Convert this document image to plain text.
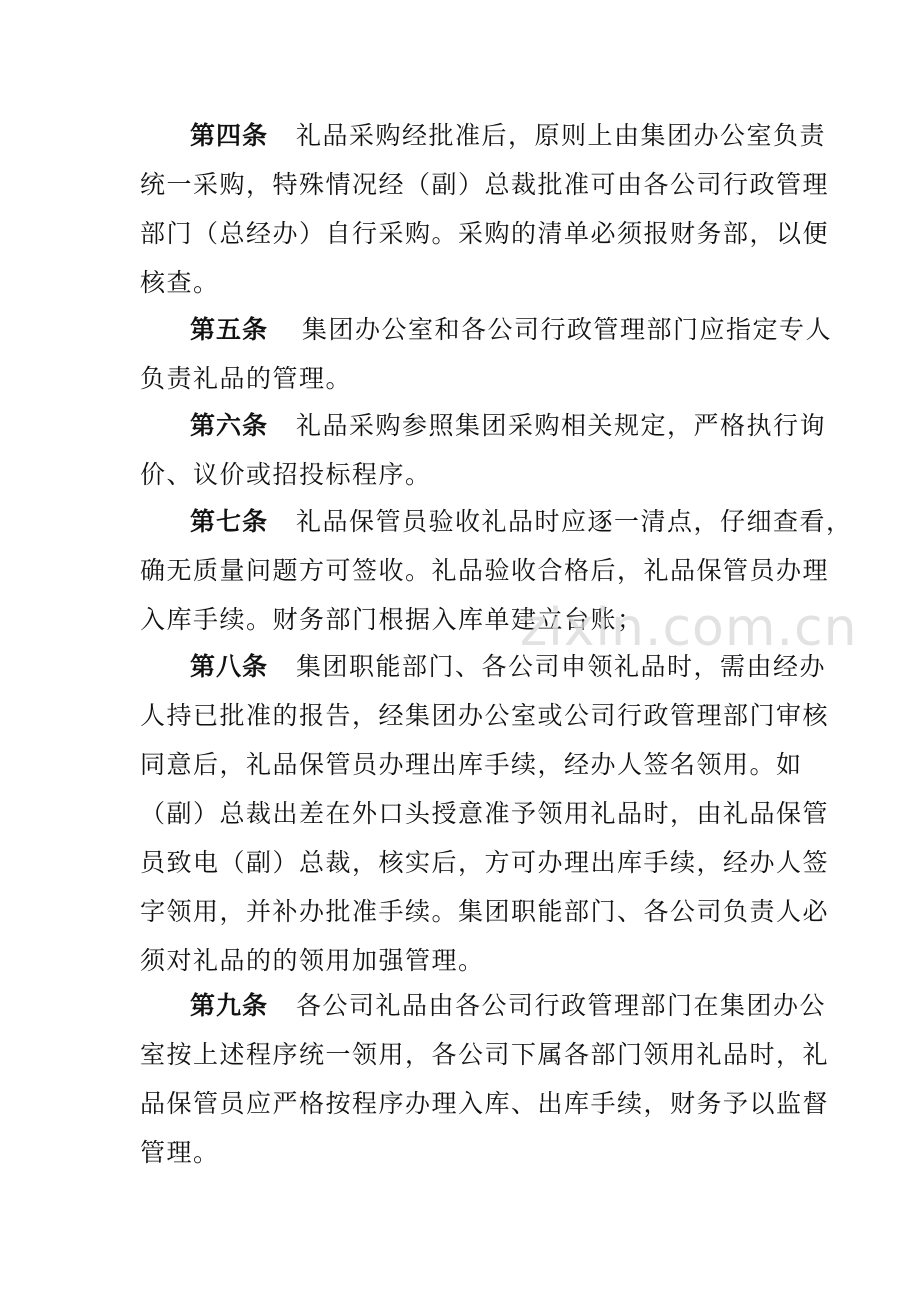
第四条 礼品采购经批准后，原则上由集团办公室负责
统一采购，特殊情况经（副）总裁批准可由各公司行政管理
部门（总经办）自行采购。采购的清单必须报财务部，以便
核查。
第五条 集团办公室和各公司行政管理部门应指定专人
负责礼品的管理。
第六条 礼品采购参照集团采购相关规定，严格执行询
价、议价或招投标程序。
第七条 礼品保管员验收礼品时应逐一清点，仔细查看，
确无质量问题方可签收。礼品验收合格后，礼品保管员办理
入库手续。财务部门根据入库单建立台账；
第八条 集团职能部门、各公司申领礼品时，需由经办
人持已批准的报告，经集团办公室或公司行政管理部门审核
同意后，礼品保管员办理出库手续，经办人签名领用。如
（副）总裁出差在外口头授意准予领用礼品时，由礼品保管
员致电（副）总裁，核实后，方可办理出库手续，经办人签
字领用，并补办批准手续。集团职能部门、各公司负责人必
须对礼品的的领用加强管理。
第九条 各公司礼品由各公司行政管理部门在集团办公
室按上述程序统一领用，各公司下属各部门领用礼品时，礼
品保管员应严格按程序办理入库、出库手续，财务予以监督
管理。
zixin.com.cn
